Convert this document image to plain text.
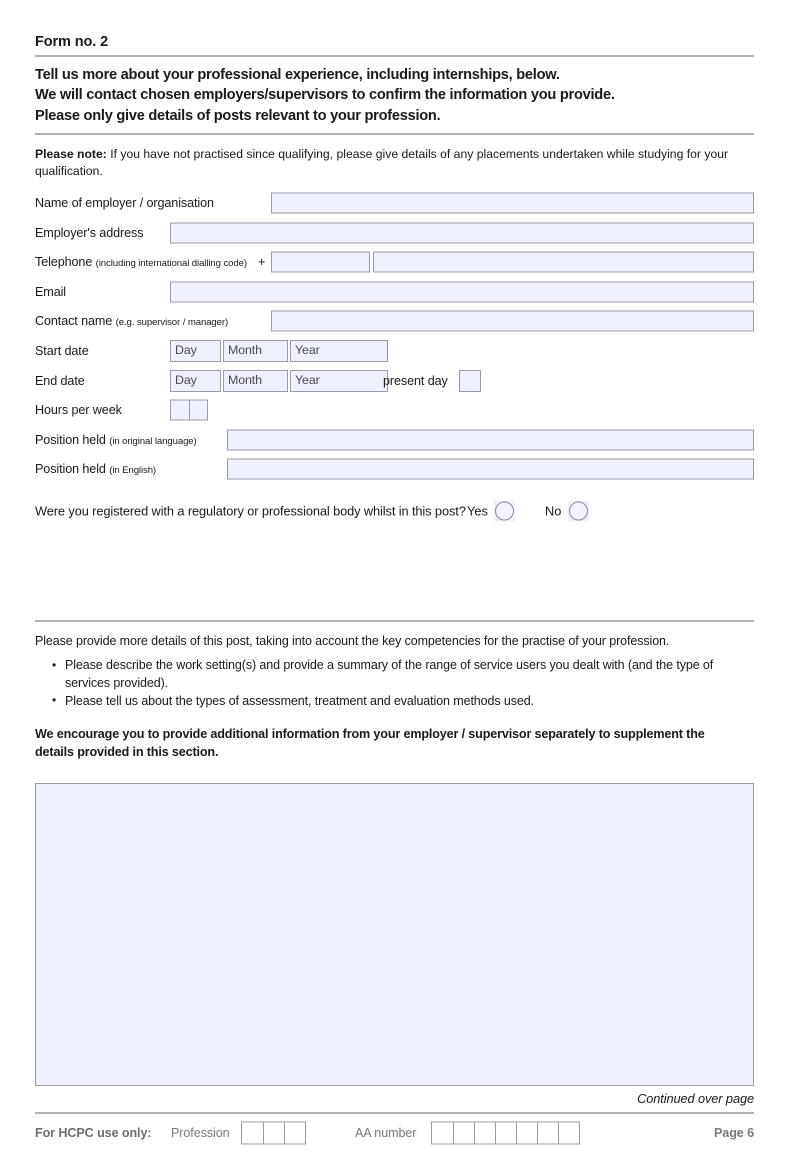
Form no. 2
Tell us more about your professional experience, including internships, below.
We will contact chosen employers/supervisors to confirm the information you provide.
Please only give details of posts relevant to your profession.
Please note: If you have not practised since qualifying, please give details of any placements undertaken while studying for your qualification.
Name of employer / organisation
Employer's address
Telephone (including international dialling code) +
Email
Contact name (e.g. supervisor / manager)
Start date	Day	Month	Year
End date	Day	Month	Year	present day
Hours per week
Position held (in original language)
Position held (in English)
Were you registered with a regulatory or professional body whilst in this post? Yes	No
Please provide more details of this post, taking into account the key competencies for the practise of your profession.
• Please describe the work setting(s) and provide a summary of the range of service users you dealt with (and the type of services provided).
• Please tell us about the types of assessment, treatment and evaluation methods used.
We encourage you to provide additional information from your employer / supervisor separately to supplement the details provided in this section.
Continued over page
For HCPC use only: Profession	AA number	Page 6
